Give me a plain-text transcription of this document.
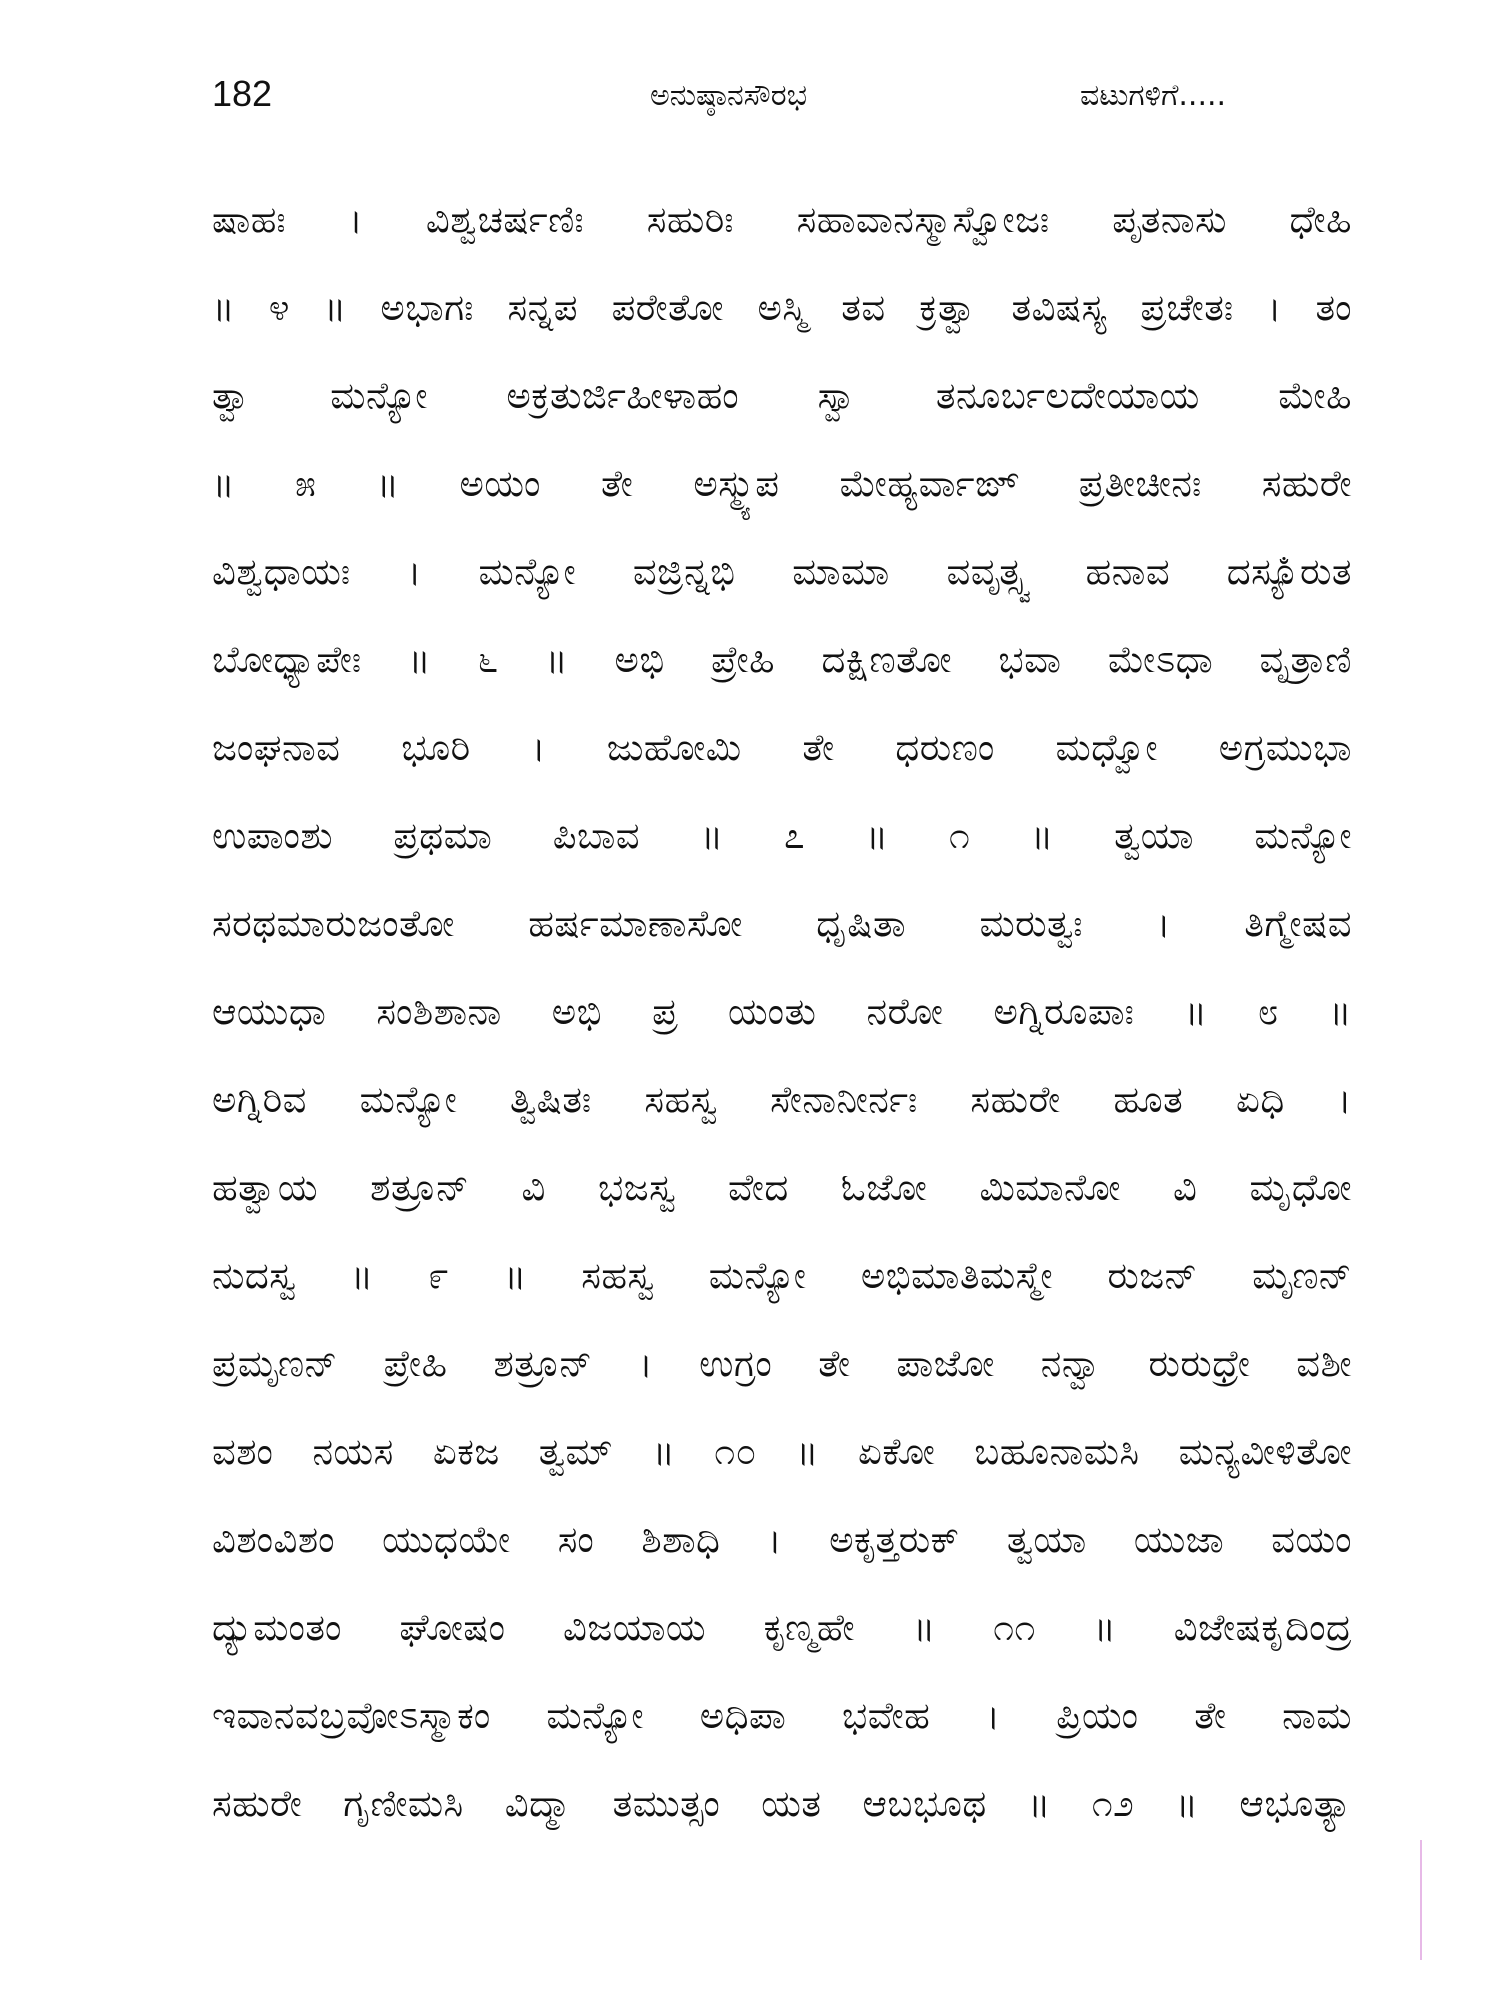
182	ಅನುಷ್ಠಾನಸೌರಭ	ವಟುಗಳಿಗೆ.....
ಷಾಹಃ । ವಿಶ್ವಚರ್ಷಣಿಃ ಸಹುರಿಃ ಸಹಾವಾನಸ್ಮಾಸ್ವೋಜಃ ಪೃತನಾಸು ಧೇಹಿ
॥ ೪ ॥ ಅಭಾಗಃ ಸನ್ನಪ ಪರೇತೋ ಅಸ್ಮಿ ತವ ಕ್ರತ್ವಾ ತವಿಷಸ್ಯ ಪ್ರಚೇತಃ । ತಂ
ತ್ವಾ ಮನ್ಯೋ ಅಕ್ರತುರ್ಜಿಹೀಳಾಹಂ ಸ್ವಾ ತನೂರ್ಬಲದೇಯಾಯ ಮೇಹಿ
॥ ೫ ॥ ಅಯಂ ತೇ ಅಸ್ಮ್ಯುಪ ಮೇಹ್ಯರ್ವಾಙ್ ಪ್ರತೀಚೀನಃ ಸಹುರೇ
ವಿಶ್ವಧಾಯಃ । ಮನ್ಯೋ ವಜ್ರಿನ್ನಭಿ ಮಾಮಾ ವವೃತ್ಸ್ವ ಹನಾವ ದಸ್ಯೂಁರುತ
ಬೋಧ್ಯಾಪೇಃ ॥ ೬ ॥ ಅಭಿ ಪ್ರೇಹಿ ದಕ್ಷಿಣತೋ ಭವಾ ಮೇಽಧಾ ವೃತ್ರಾಣಿ
ಜಂಘನಾವ ಭೂರಿ । ಜುಹೋಮಿ ತೇ ಧರುಣಂ ಮಧ್ವೋ ಅಗ್ರಮುಭಾ
ಉಪಾಂಶು ಪ್ರಥಮಾ ಪಿಬಾವ ॥ ೭ ॥ ೧ ॥ ತ್ವಯಾ ಮನ್ಯೋ
ಸರಥಮಾರುಜಂತೋ ಹರ್ಷಮಾಣಾಸೋ ಧೃಷಿತಾ ಮರುತ್ವಃ । ತಿಗ್ಮೇಷವ
ಆಯುಧಾ ಸಂಶಿಶಾನಾ ಅಭಿ ಪ್ರ ಯಂತು ನರೋ ಅಗ್ನಿರೂಪಾಃ ॥ ೮ ॥
ಅಗ್ನಿರಿವ ಮನ್ಯೋ ತ್ವಿಷಿತಃ ಸಹಸ್ವ ಸೇನಾನೀರ್ನಃ ಸಹುರೇ ಹೂತ ಏಧಿ ।
ಹತ್ವಾಯ ಶತ್ರೂನ್ ವಿ ಭಜಸ್ವ ವೇದ ಓಜೋ ಮಿಮಾನೋ ವಿ ಮೃಧೋ
ನುದಸ್ವ ॥ ೯ ॥ ಸಹಸ್ವ ಮನ್ಯೋ ಅಭಿಮಾತಿಮಸ್ಮೇ ರುಜನ್ ಮೃಣನ್
ಪ್ರಮೃಣನ್ ಪ್ರೇಹಿ ಶತ್ರೂನ್ । ಉಗ್ರಂ ತೇ ಪಾಜೋ ನನ್ವಾ ರುರುಧ್ರೇ ವಶೀ
ವಶಂ ನಯಸ ಏಕಜ ತ್ವಮ್ ॥ ೧೦ ॥ ಏಕೋ ಬಹೂನಾಮಸಿ ಮನ್ಯವೀಳಿತೋ
ವಿಶಂವಿಶಂ ಯುಧಯೇ ಸಂ ಶಿಶಾಧಿ । ಅಕೃತ್ತರುಕ್ ತ್ವಯಾ ಯುಜಾ ವಯಂ
ದ್ಯುಮಂತಂ ಘೋಷಂ ವಿಜಯಾಯ ಕೃಣ್ಮಹೇ ॥ ೧೧ ॥ ವಿಜೇಷಕೃದಿಂದ್ರ
ಇವಾನವಬ್ರವೋಽಸ್ಮಾಕಂ ಮನ್ಯೋ ಅಧಿಪಾ ಭವೇಹ । ಪ್ರಿಯಂ ತೇ ನಾಮ
ಸಹುರೇ ಗೃಣೀಮಸಿ ವಿದ್ಮಾ ತಮುತ್ಸಂ ಯತ ಆಬಭೂಥ ॥ ೧೨ ॥ ಆಭೂತ್ಯಾ
